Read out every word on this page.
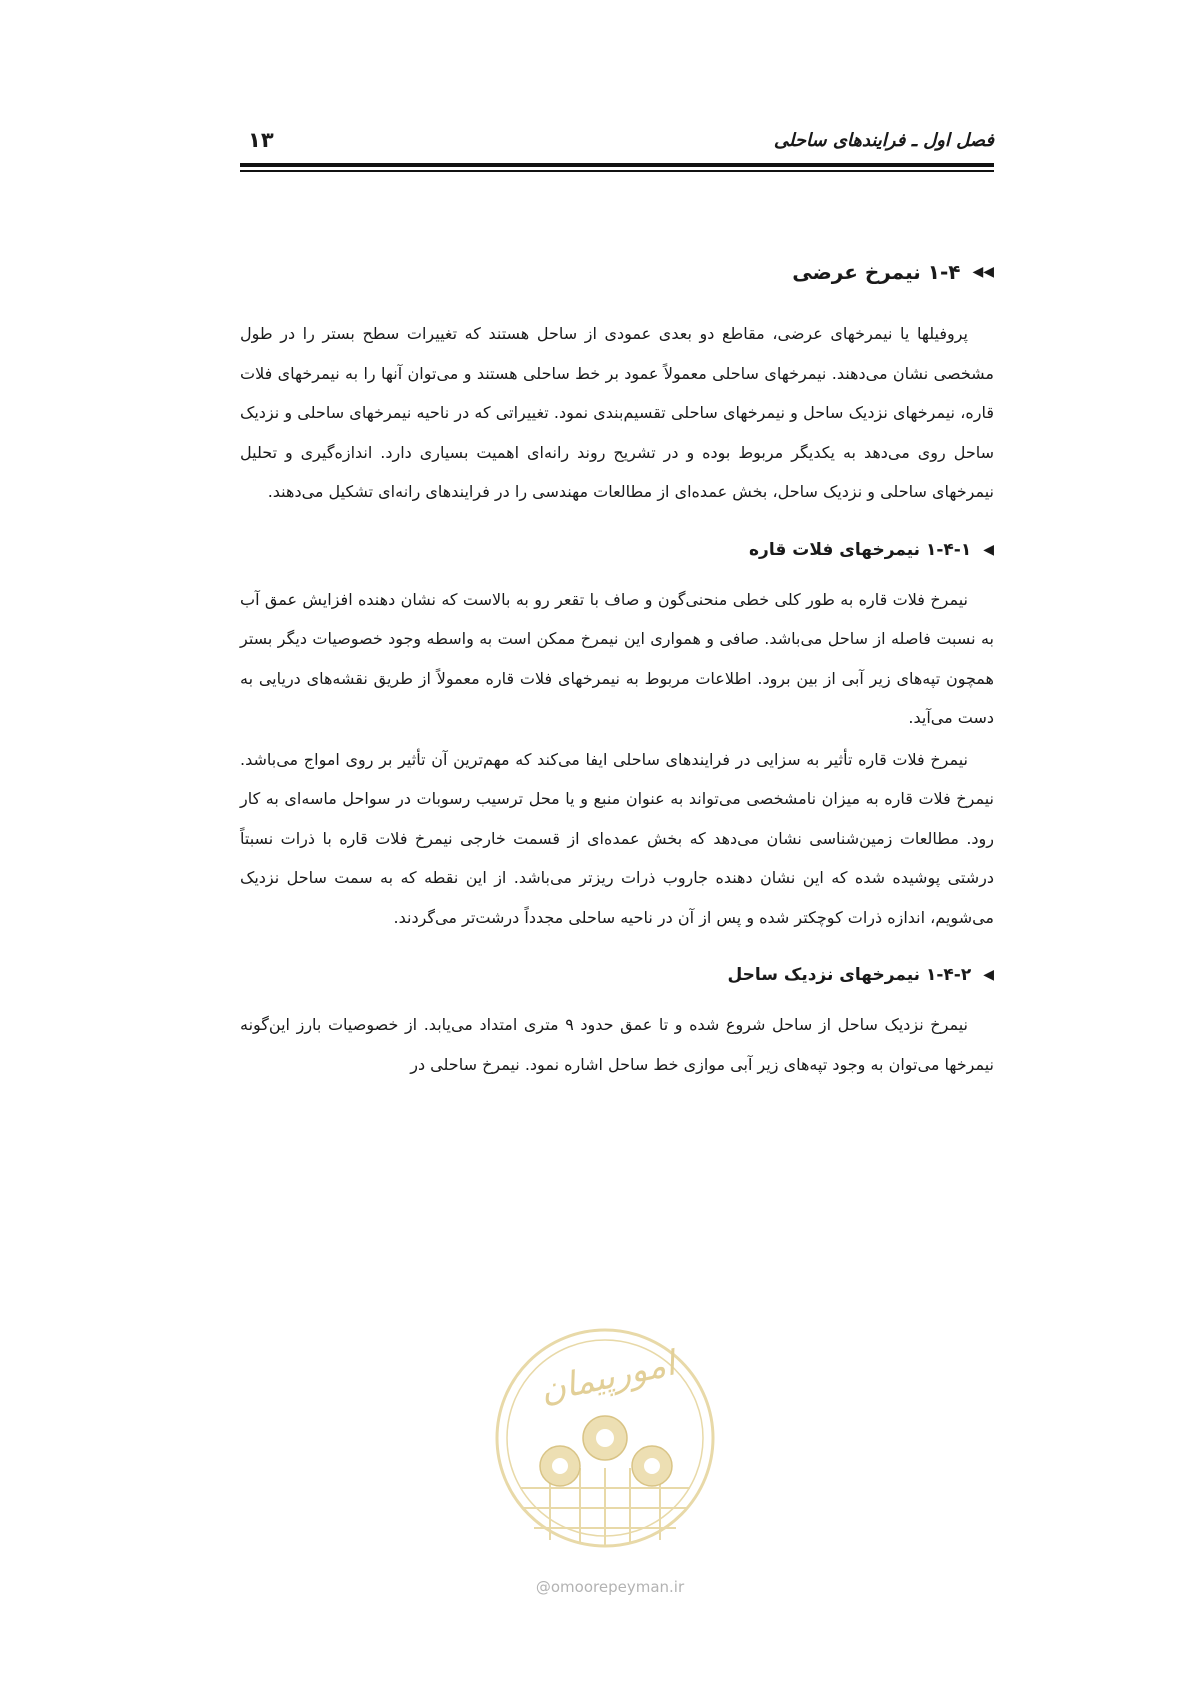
فصل اول ـ فرایندهای ساحلی
۱۳
◀◀
۱-۴ نیمرخ عرضی

پروفیلها یا نیمرخهای عرضی، مقاطع دو بعدی عمودی از ساحل هستند که تغییرات سطح بستر را در طول مشخصی نشان می‌دهند. نیمرخهای ساحلی معمولاً عمود بر خط ساحلی هستند و می‌توان آنها را به نیمرخهای فلات قاره، نیمرخهای نزدیک ساحل و نیمرخهای ساحلی تقسیم‌بندی نمود. تغییراتی که در ناحیه نیمرخهای ساحلی و نزدیک ساحل روی می‌دهد به یکدیگر مربوط بوده و در تشریح روند رانه‌ای اهمیت بسیاری دارد. اندازه‌گیری و تحلیل نیمرخهای ساحلی و نزدیک ساحل، بخش عمده‌ای از مطالعات مهندسی را در فرایندهای رانه‌ای تشکیل می‌دهند.

◀
۱-۴-۱ نیمرخهای فلات قاره

نیمرخ فلات قاره به طور کلی خطی منحنی‌گون و صاف با تقعر رو به بالاست که نشان دهنده افزایش عمق آب به نسبت فاصله از ساحل می‌باشد. صافی و همواری این نیمرخ ممکن است به واسطه وجود خصوصیات دیگر بستر همچون تپه‌های زیر آبی از بین برود. اطلاعات مربوط به نیمرخهای فلات قاره معمولاً از طریق نقشه‌های دریایی به دست می‌آید.

نیمرخ فلات قاره تأثیر به سزایی در فرایندهای ساحلی ایفا می‌کند که مهم‌ترین آن تأثیر بر روی امواج می‌باشد. نیمرخ فلات قاره به میزان نامشخصی می‌تواند به عنوان منبع و یا محل ترسیب رسوبات در سواحل ماسه‌ای به کار رود. مطالعات زمین‌شناسی نشان می‌دهد که بخش عمده‌ای از قسمت خارجی نیمرخ فلات قاره با ذرات نسبتاً درشتی پوشیده شده که این نشان دهنده جاروب ذرات ریزتر می‌باشد. از این نقطه که به سمت ساحل نزدیک می‌شویم، اندازه ذرات کوچکتر شده و پس از آن در ناحیه ساحلی مجدداً درشت‌تر می‌گردند.

◀
۱-۴-۲ نیمرخهای نزدیک ساحل

نیمرخ نزدیک ساحل از ساحل شروع شده و تا عمق حدود ۹ متری امتداد می‌یابد. از خصوصیات بارز این‌گونه نیمرخها می‌توان به وجود تپه‌های زیر آبی موازی خط ساحل اشاره نمود. نیمرخ ساحلی در

امورپیمان
@omoorepeyman.ir
